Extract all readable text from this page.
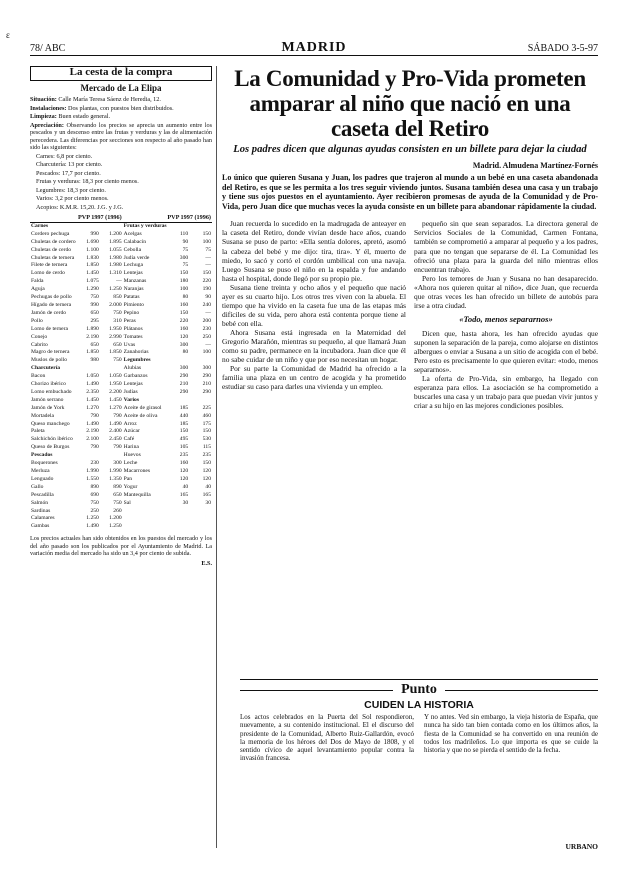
ε
78/ ABC	MADRID	SÁBADO 3-5-97
La cesta de la compra
Mercado de La Elipa

Situación: Calle María Teresa Sáenz de Heredia, 12.

Instalaciones: Dos plantas, con puestos bien distribuidos.

Limpieza: Buen estado general.

Apreciación: Observando los precios se aprecia un aumento entre los pescados y un descenso entre las frutas y verduras y las de alimentación perecedera. Las diferencias por secciones son respecto al año pasado han sido las siguientes:

Carnes: 6,8 por ciento.

Charcutería: 13 por ciento.

Pescados: 17,7 por ciento.

Frutas y verduras: 18,3 por ciento menos.

Legumbres: 18,3 por ciento.

Varios: 3,2 por ciento menos.

Acopios: K.M.R. 15,20. J.G. y J.G.

	PVP 1997 (1996)			PVP 1997 (1996)	
Carnes			Frutas y verduras		
Cordero pechuga	990	1.200	Acelgas	110	150
Chuletas de cordero	1.690	1.895	Calabacín	90	100
Chuletas de cerdo	1.100	1.055	Cebolla	75	75
Chuletas de ternera	1.830	1.980	Judía verde	300	—
Filete de ternera	1.850	1.980	Lechuga	75	—
Lomo de cerdo	1.450	1.310	Lentejas	150	150
Falda	1.075	—	Manzanas	180	220
Aguja	1.290	1.250	Naranjas	100	190
Pechugas de pollo	750	850	Patatas	80	90
Hígado de ternera	990	2.000	Pimiento	160	240
Jamón de cerdo	650	750	Pepino	150	—
Pollo	295	310	Peras	220	200
Lomo de ternera	1.890	1.950	Plátanos	160	230
Conejo	2.190	2.990	Tomates	120	250
Cabrito	650	650	Uvas	300	—
Magro de ternera	1.850	1.850	Zanahorias	80	100
Muslos de pollo	980	750	Legumbres		
Charcutería			Alubias	300	300
Bacon	1.050	1.050	Garbanzos	290	290
Chorizo ibérico	1.490	1.950	Lentejas	210	210
Lomo embuchado	2.350	2.200	Judías	290	290
Jamón serrano	1.450	1.450	Varios		
Jamón de York	1.270	1.270	Aceite de girasol	185	225
Mortadela	790	790	Aceite de oliva	440	460
Queso manchego	1.490	1.490	Arroz	185	175
Paleta	2.190	2.400	Azúcar	150	150
Salchichón ibérico	2.100	2.450	Café	495	530
Queso de Burgos	790	790	Harina	105	115
Pescados			Huevos	235	235
Boquerones	230	300	Leche	160	150
Merluza	1.990	1.990	Macarrones	120	120
Lenguado	1.550	1.350	Pan	120	120
Gallo	890	890	Yogur	40	40
Pescadilla	690	650	Mantequilla	165	165
Salmón	750	750	Sal	30	30
Sardinas	250	260			
Calamares	1.250	1.200			
Gambas	1.490	1.250			
Los precios actuales han sido obtenidos en los puestos del mercado y los del año pasado son los publicados por el Ayuntamiento de Madrid. La variación media del mercado ha sido un 3,4 por ciento de subida.
E.S.
La Comunidad y Pro-Vida prometen amparar al niño que nació en una caseta del Retiro
Los padres dicen que algunas ayudas consisten en un billete para dejar la ciudad
Madrid. Almudena Martínez-Fornés
Lo único que quieren Susana y Juan, los padres que trajeron al mundo a un bebé en una caseta abandonada del Retiro, es que se les permita a los tres seguir viviendo juntos. Susana también desea una casa y un trabajo y tiene sus ojos puestos en el ayuntamiento. Ayer recibieron promesas de ayuda de la Comunidad y de Pro-Vida, pero Juan dice que muchas veces la ayuda consiste en un billete para abandonar rápidamente la ciudad.

Juan recuerda lo sucedido en la madrugada de anteayer en la caseta del Retiro, donde vivían desde hace años, cuando Susana se puso de parto: «Ella sentía dolores, apretó, asomó la cabeza del bebé y me dijo: tira, tira». Y él, muerto de miedo, lo sacó y cortó el cordón umbilical con una navaja. Luego Susana se puso el niño en la espalda y fue andando hasta el hospital, donde llegó por su propio pie.

Susana tiene treinta y ocho años y el pequeño que nació ayer es su cuarto hijo. Los otros tres viven con la abuela. El tiempo que ha vivido en la caseta fue una de las etapas más difíciles de su vida, pero ahora está contenta porque tiene al bebé con ella.

Ahora Susana está ingresada en la Maternidad del Gregorio Marañón, mientras su pequeño, al que llamará Juan como su padre, permanece en la incubadora. Juan dice que él no sabe cuidar de un niño y que por eso necesitan un hogar.

Por su parte la Comunidad de Madrid ha ofrecido a la familia una plaza en un centro de acogida y ha prometido estudiar su caso para darles una vivienda y un empleo.

pequeño sin que sean separados. La directora general de Servicios Sociales de la Comunidad, Carmen Fontana, también se comprometió a amparar al pequeño y a los padres, para que no tengan que separarse de él. La Comunidad les ofreció una plaza para la guarda del niño mientras ellos encuentran trabajo.

Pero los temores de Juan y Susana no han desaparecido. «Ahora nos quieren quitar al niño», dice Juan, que recuerda que otras veces les han ofrecido un billete de autobús para irse a otra ciudad.

«Todo, menos separarnos»

Dicen que, hasta ahora, les han ofrecido ayudas que suponen la separación de la pareja, como alojarse en distintos albergues o enviar a Susana a un sitio de acogida con el bebé. Pero esto es precisamente lo que quieren evitar: «todo, menos separarnos».

La oferta de Pro-Vida, sin embargo, ha llegado con esperanza para ellos. La asociación se ha comprometido a buscarles una casa y un trabajo para que puedan vivir juntos y criar a su hijo en las mejores condiciones posibles.

Punto
CUIDEN LA HISTORIA
Los actos celebrados en la Puerta del Sol respondieron, nuevamente, a su contenido institucional. El el discurso del presidente de la Comunidad, Alberto Ruiz-Gallardón, evocó la memoria de los héroes del Dos de Mayo de 1808, y el sentido cívico de aquel levantamiento popular contra la invasión francesa.
Y no antes. Ved sin embargo, la vieja historia de España, que nunca ha sido tan bien contada como en los últimos años, la fiesta de la Comunidad se ha convertido en una reunión de todos los madrileños. Lo que importa es que se cuide la historia y que no se pierda el sentido de la fecha.
URBANO
